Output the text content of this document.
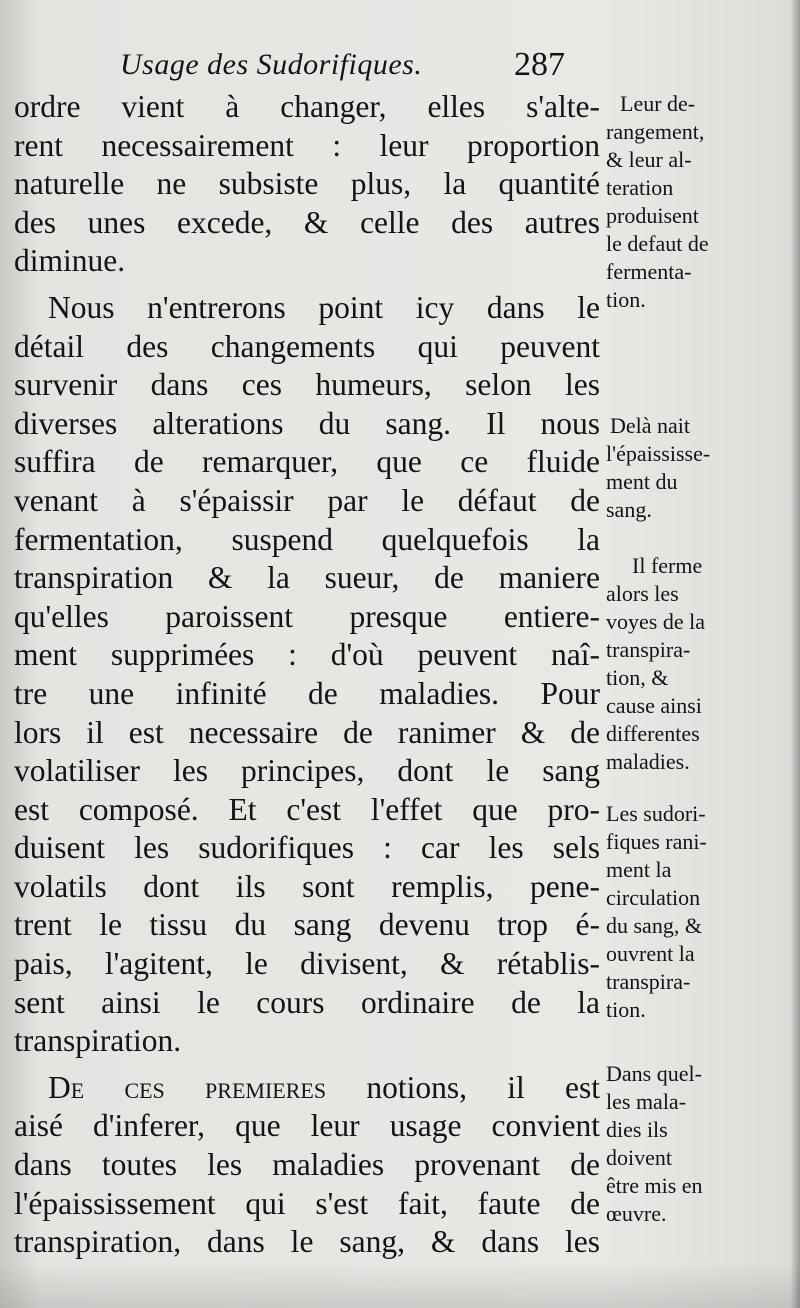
Usage des Sudorifiques.	287
ordre vient à changer, elles s'alte-
rent necessairement : leur proportion
naturelle ne subsiste plus, la quantité
des unes excede, & celle des autres
diminue.
Nous n'entrerons point icy dans le
détail des changements qui peuvent
survenir dans ces humeurs, selon les
diverses alterations du sang. Il nous
suffira de remarquer, que ce fluide
venant à s'épaissir par le défaut de
fermentation, suspend quelquefois la
transpiration & la sueur, de maniere
qu'elles paroissent presque entiere-
ment supprimées : d'où peuvent naî-
tre une infinité de maladies. Pour
lors il est necessaire de ranimer & de
volatiliser les principes, dont le sang
est composé. Et c'est l'effet que pro-
duisent les sudorifiques : car les sels
volatils dont ils sont remplis, pene-
trent le tissu du sang devenu trop é-
pais, l'agitent, le divisent, & rétablis-
sent ainsi le cours ordinaire de la
transpiration.
De ces premieres notions, il est
aisé d'inferer, que leur usage convient
dans toutes les maladies provenant de
l'épaississement qui s'est fait, faute de
transpiration, dans le sang, & dans les
Leur de-
rangement,
& leur al-
teration
produisent
le defaut de
fermenta-
tion.
Delà nait
l'épaississe-
ment du
sang.
Il ferme
alors les
voyes de la
transpira-
tion, &
cause ainsi
differentes
maladies.
Les sudori-
fiques rani-
ment la
circulation
du sang, &
ouvrent la
transpira-
tion.
Dans quel-
les mala-
dies ils
doivent
être mis en
œuvre.
